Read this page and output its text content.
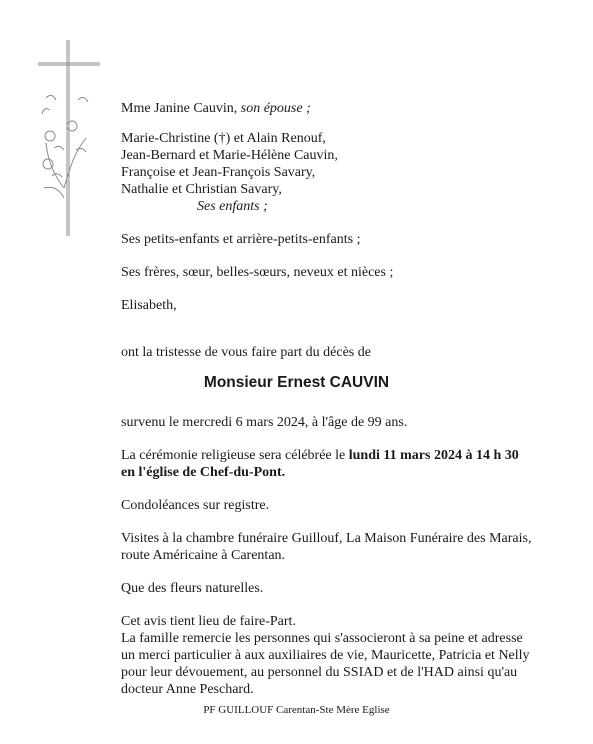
Mme Janine Cauvin, son épouse ;
Marie-Christine (†) et Alain Renouf,
Jean-Bernard et Marie-Hélène Cauvin,
Françoise et Jean-François Savary,
Nathalie et Christian Savary,
Ses enfants ;
Ses petits-enfants et arrière-petits-enfants ;
Ses frères, sœur, belles-sœurs, neveux et nièces ;
Elisabeth,
ont la tristesse de vous faire part du décès de
Monsieur Ernest CAUVIN
survenu le mercredi 6 mars 2024, à l'âge de 99 ans.
La cérémonie religieuse sera célébrée le lundi 11 mars 2024 à 14 h 30
en l'église de Chef-du-Pont.
Condoléances sur registre.
Visites à la chambre funéraire Guillouf, La Maison Funéraire des Marais,
route Américaine à Carentan.
Que des fleurs naturelles.
Cet avis tient lieu de faire-Part.
La famille remercie les personnes qui s'associeront à sa peine et adresse
un merci particulier à aux auxiliaires de vie, Mauricette, Patricia et Nelly
pour leur dévouement, au personnel du SSIAD et de l'HAD ainsi qu'au
docteur Anne Peschard.
PF GUILLOUF Carentan-Ste Mère Eglise
